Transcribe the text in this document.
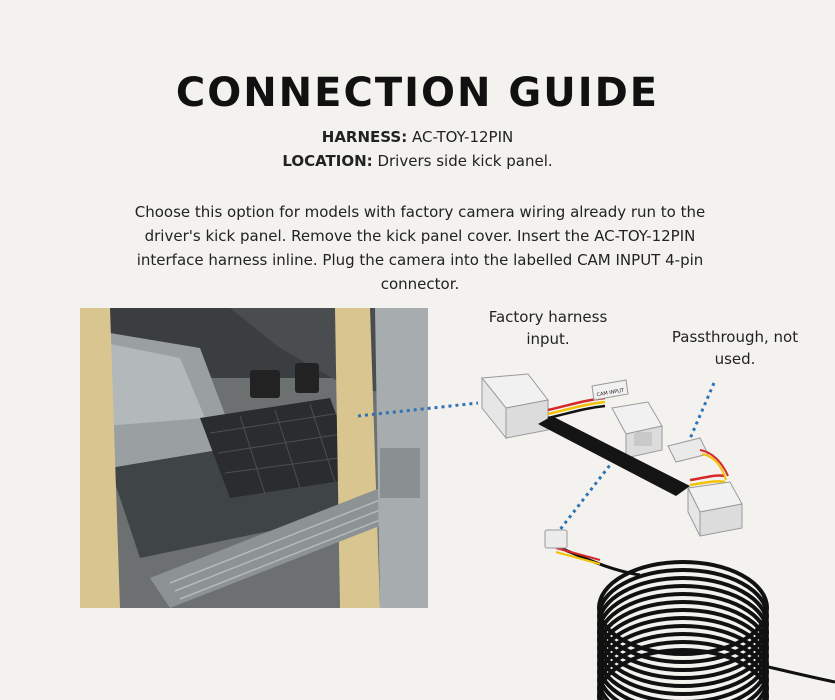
CONNECTION GUIDE
HARNESS: AC-TOY-12PIN
LOCATION: Drivers side kick panel.

Choose this option for models with factory camera wiring already run to the driver's kick panel. Remove the kick panel cover. Insert the AC-TOY-12PIN interface harness inline. Plug the camera into the labelled CAM INPUT 4-pin connector.

Factory harness input.	Passthrough, not used.
CAM INPUT
